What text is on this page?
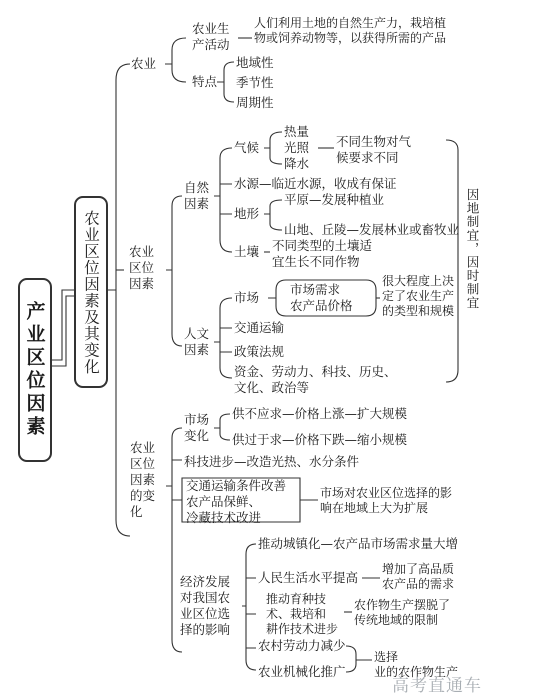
产业区位因素 农业区位因素及其变化

农业

农业生
产活动

人们利用土地的自然生产力，栽培植
物或饲养动物等，以获得所需的产品

特点

地域性

季节性

周期性

农业
区位
因素

自然
因素

气候

热量

光照

降水

不同生物对气
候要求不同

水源—临近水源，收成有保证

地形

平原—发展种植业

山地、丘陵—发展林业或畜牧业

土壤 不同类型的土壤适
宜生长不同作物

人文
因素

市场

市场需求
农产品价格

很大程度上决
定了农业生产
的类型和规模

交通运输

政策法规

资金、劳动力、科技、历史、
文化、政治等

因地制宜，因时制宜

农业
区位
因素
的变
化

市场
变化

供不应求—价格上涨—扩大规模

供过于求—价格下跌—缩小规模

科技进步—改造光热、水分条件

交通运输条件改善
农产品保鲜、
冷藏技术改进

市场对农业区位选择的影
响在地域上大为扩展

经济发展
对我国农
业区位选
择的影响

推动城镇化—农产品市场需求量大增

人民生活水平提高

增加了高品质
农产品的需求

推动育种技
术、栽培和
耕作技术进步

农作物生产摆脱了
传统地域的限制

农村劳动力减少

农业机械化推广

选择
业的农作物生产

高考直通车
